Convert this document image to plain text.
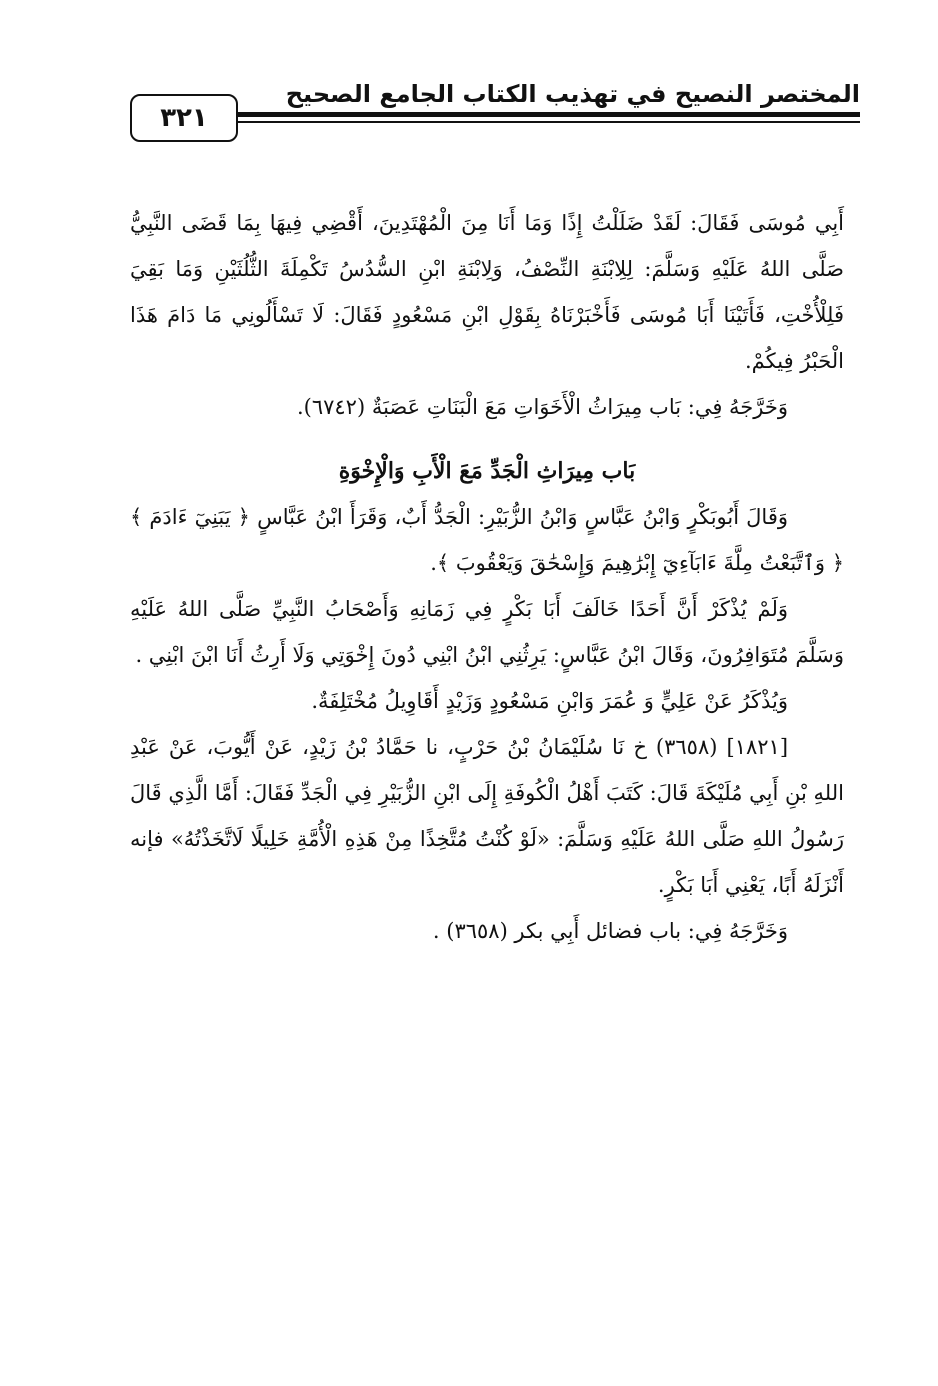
المختصر النصيح في تهذيب الكتاب الجامع الصحيح
٣٢١

أَبِي مُوسَى فَقَالَ: لَقَدْ ضَلَلْتُ إِذًا وَمَا أَنَا مِنَ الْمُهْتَدِينَ، أَقْضِي فِيهَا بِمَا قَضَى النَّبِيُّ صَلَّى اللهُ عَلَيْهِ وَسَلَّمَ: لِلِابْنَةِ النِّصْفُ، وَلِابْنَةِ ابْنِ السُّدُسُ تَكْمِلَةَ الثُّلُثَيْنِ وَمَا بَقِيَ فَلِلْأُخْتِ، فَأَتَيْنَا أَبَا مُوسَى فَأَخْبَرْنَاهُ بِقَوْلِ ابْنِ مَسْعُودٍ فَقَالَ: لَا تَسْأَلُونِي مَا دَامَ هَذَا الْحَبْرُ فِيكُمْ.

وَخَرَّجَهُ فِي: بَاب مِيرَاثُ الْأَخَوَاتِ مَعَ الْبَنَاتِ عَصَبَةٌ (٦٧٤٢).

بَاب مِيرَاثِ الْجَدِّ مَعَ الْأَبِ وَالْإِخْوَةِ

وَقَالَ أَبُوبَكْرٍ وَابْنُ عَبَّاسٍ وَابْنُ الزُّبَيْرِ: الْجَدُّ أَبٌ، وَقَرَأَ ابْنُ عَبَّاسٍ ﴿ يَبَنِيٓ ءَادَمَ ﴾ ﴿ وَٱتَّبَعْتُ مِلَّةَ ءَابَآءِيٓ إِبْرَٰهِيمَ وَإِسْحَٰقَ وَيَعْقُوبَ ﴾.

وَلَمْ يُذْكَرْ أَنَّ أَحَدًا خَالَفَ أَبَا بَكْرٍ فِي زَمَانِهِ وَأَصْحَابُ النَّبِيِّ صَلَّى اللهُ عَلَيْهِ وَسَلَّمَ مُتَوَافِرُونَ، وَقَالَ ابْنُ عَبَّاسٍ: يَرِثُنِي ابْنُ ابْنِي دُونَ إِخْوَتِي وَلَا أَرِثُ أَنَا ابْنَ ابْنِي .

وَيُذْكَرُ عَنْ عَلِيٍّ وَ عُمَرَ وَابْنِ مَسْعُودٍ وَزَيْدٍ أَقَاوِيلُ مُخْتَلِفَةٌ.

[١٨٢١] (٣٦٥٨) خ نَا سُلَيْمَانُ بْنُ حَرْبٍ، نا حَمَّادُ بْنُ زَيْدٍ، عَنْ أَيُّوبَ، عَنْ عَبْدِ اللهِ بْنِ أَبِي مُلَيْكَةَ قَالَ: كَتَبَ أَهْلُ الْكُوفَةِ إِلَى ابْنِ الزُّبَيْرِ فِي الْجَدِّ فَقَالَ: أَمَّا الَّذِي قَالَ رَسُولُ اللهِ صَلَّى اللهُ عَلَيْهِ وَسَلَّمَ: «لَوْ كُنْتُ مُتَّخِذًا مِنْ هَذِهِ الْأُمَّةِ خَلِيلًا لَاتَّخَذْتُهُ» فإنه أَنْزَلَهُ أَبًا، يَعْنِي أَبَا بَكْرٍ.

وَخَرَّجَهُ فِي: باب فضائل أَبِي بكر (٣٦٥٨) .
